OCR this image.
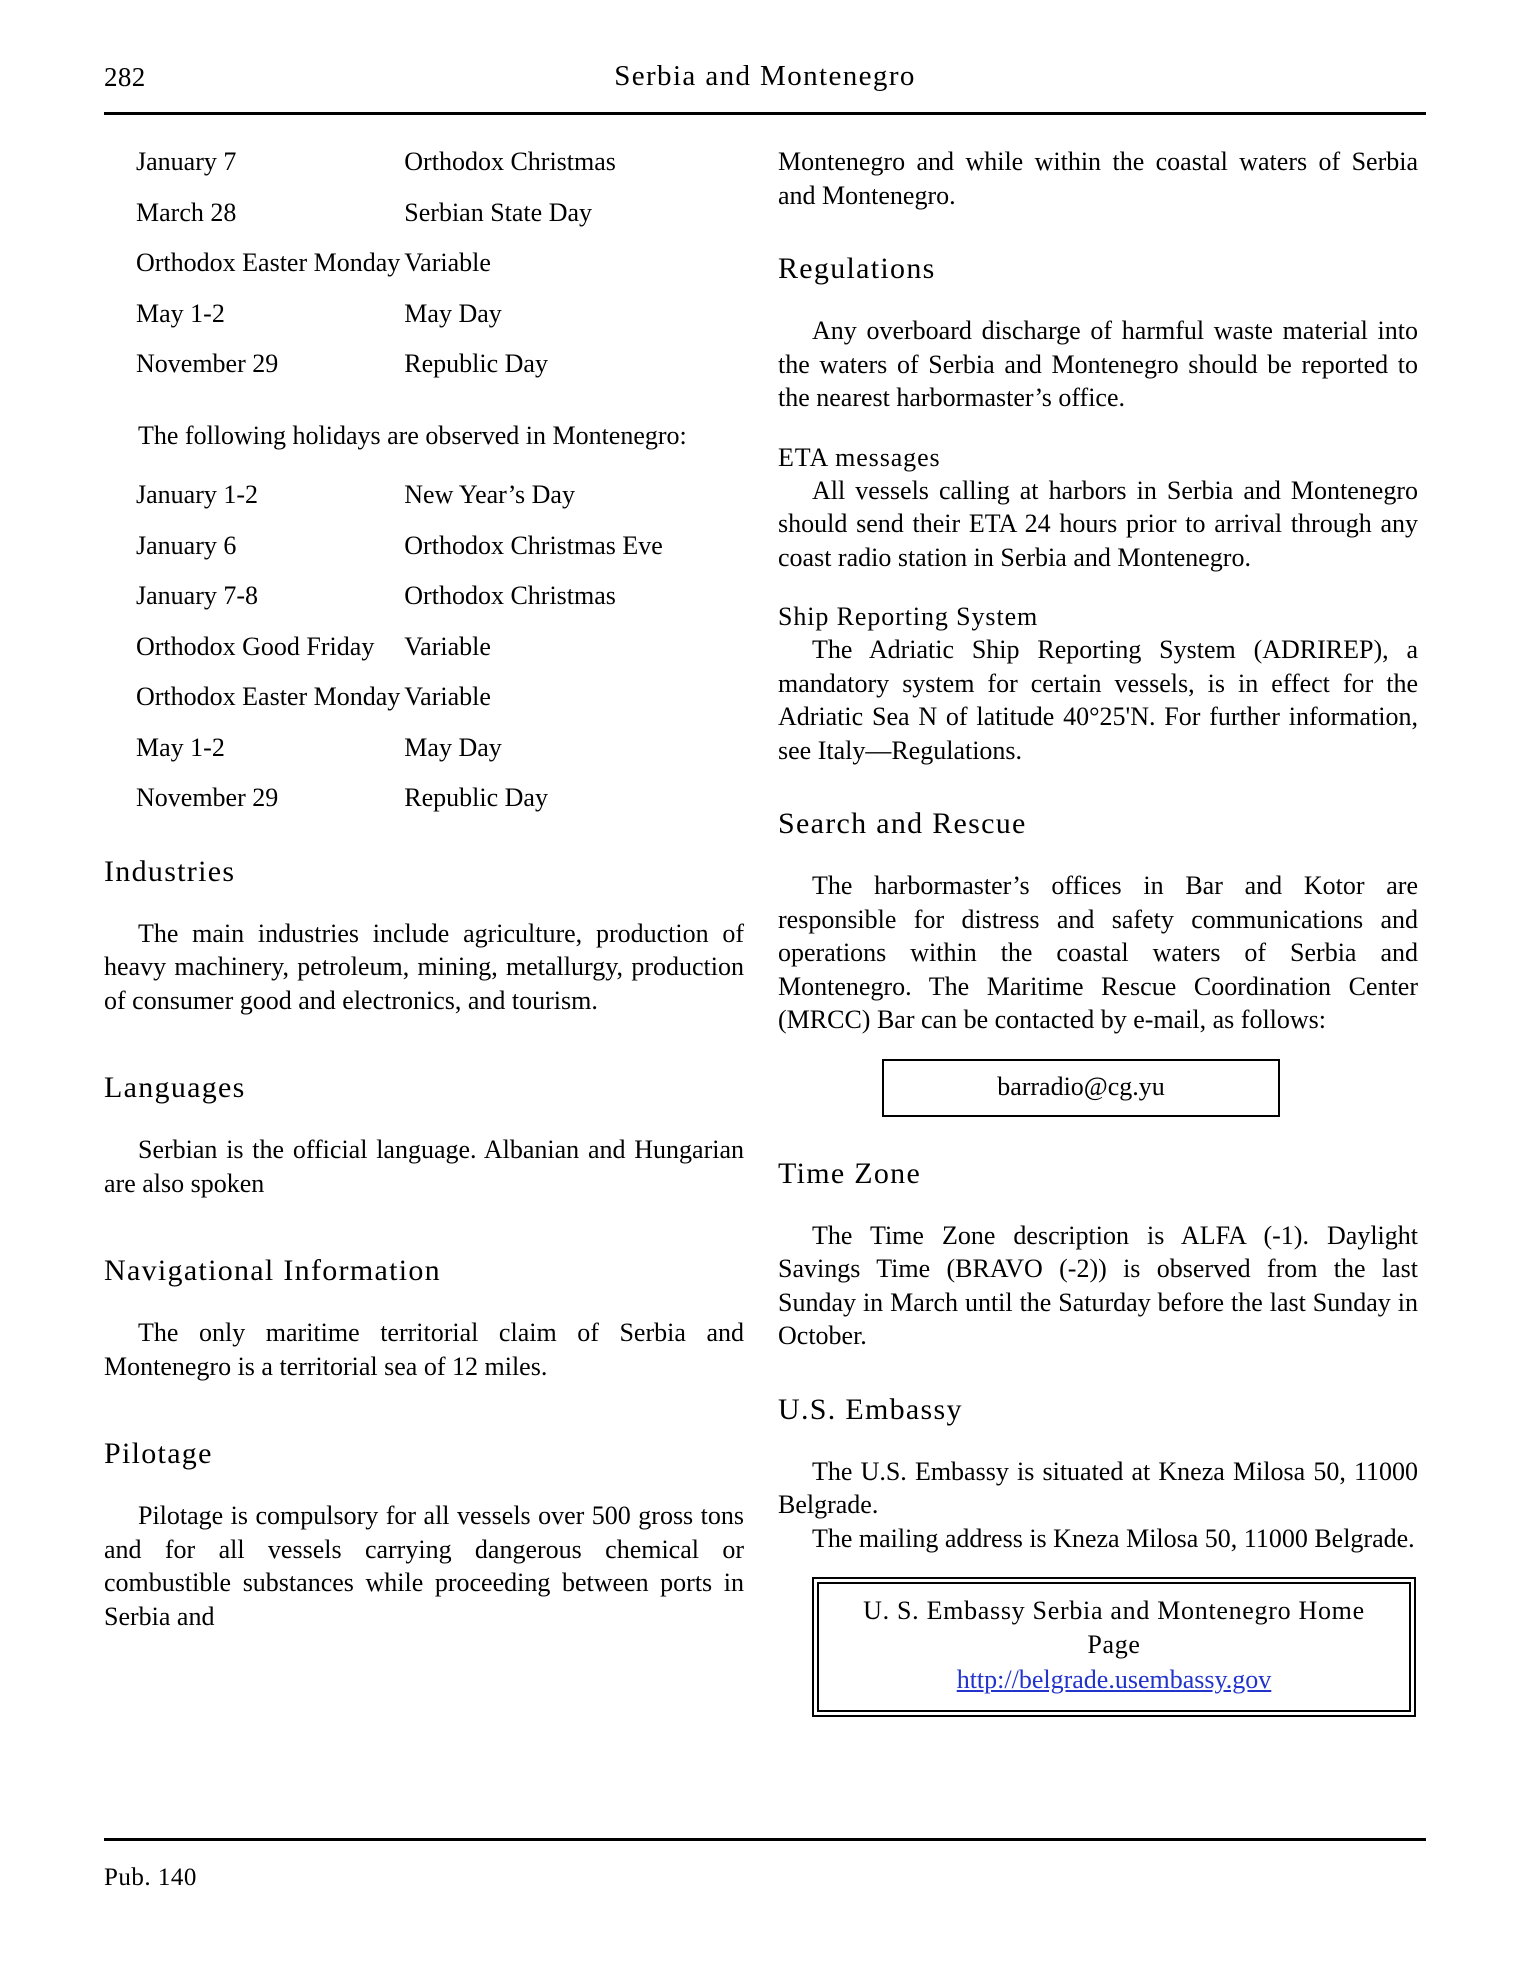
282	Serbia and Montenegro
January 7	Orthodox Christmas
March 28	Serbian State Day
Orthodox Easter Monday	Variable
May 1-2	May Day
November 29	Republic Day

The following holidays are observed in Montenegro:

January 1-2	New Year’s Day
January 6	Orthodox Christmas Eve
January 7-8	Orthodox Christmas
Orthodox Good Friday	Variable
Orthodox Easter Monday	Variable
May 1-2	May Day
November 29	Republic Day
Industries

The main industries include agriculture, production of heavy machinery, petroleum, mining, metallurgy, production of consumer good and electronics, and tourism.

Languages

Serbian is the official language. Albanian and Hungarian are also spoken

Navigational Information

The only maritime territorial claim of Serbia and Montenegro is a territorial sea of 12 miles.

Pilotage

Pilotage is compulsory for all vessels over 500 gross tons and for all vessels carrying dangerous chemical or combustible substances while proceeding between ports in Serbia and

Montenegro and while within the coastal waters of Serbia and Montenegro.

Regulations

Any overboard discharge of harmful waste material into the waters of Serbia and Montenegro should be reported to the nearest harbormaster’s office.

ETA messages

All vessels calling at harbors in Serbia and Montenegro should send their ETA 24 hours prior to arrival through any coast radio station in Serbia and Montenegro.

Ship Reporting System

The Adriatic Ship Reporting System (ADRIREP), a mandatory system for certain vessels, is in effect for the Adriatic Sea N of latitude 40°25'N. For further information, see Italy—Regulations.

Search and Rescue

The harbormaster’s offices in Bar and Kotor are responsible for distress and safety communications and operations within the coastal waters of Serbia and Montenegro. The Maritime Rescue Coordination Center (MRCC) Bar can be contacted by e-mail, as follows:

barradio@cg.yu
Time Zone

The Time Zone description is ALFA (-1). Daylight Savings Time (BRAVO (-2)) is observed from the last Sunday in March until the Saturday before the last Sunday in October.

U.S. Embassy

The U.S. Embassy is situated at Kneza Milosa 50, 11000 Belgrade.

The mailing address is Kneza Milosa 50, 11000 Belgrade.

U. S. Embassy Serbia and Montenegro Home Page
http://belgrade.usembassy.gov
Pub. 140
